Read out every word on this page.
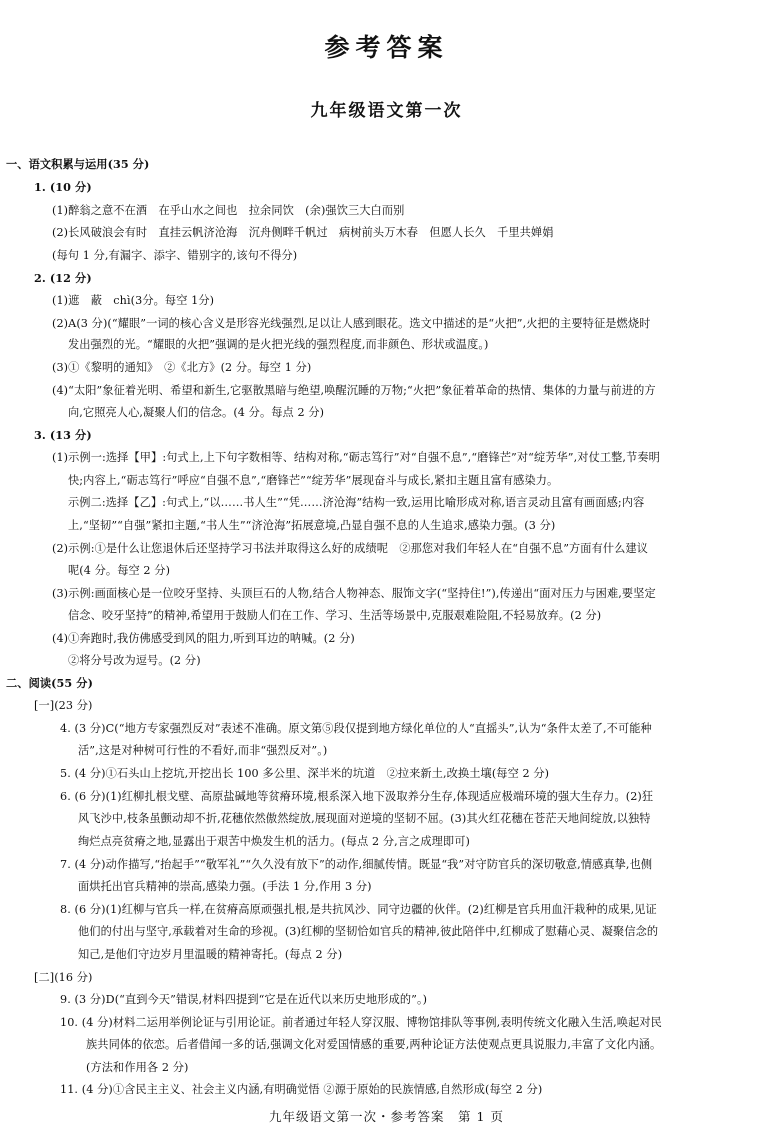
参考答案
九年级语文第一次
一、语文积累与运用(35 分)
1. (10 分)
(1)醉翁之意不在酒　在乎山水之间也　拉余同饮　(余)强饮三大白而别
(2)长风破浪会有时　直挂云帆济沧海　沉舟侧畔千帆过　病树前头万木春　但愿人长久　千里共婵娟
(每句 1 分,有漏字、添字、错别字的,该句不得分)
2. (12 分)
(1)遮　蔽　chì(3分。每空 1分)
(2)A(3 分)(“耀眼”一词的核心含义是形容光线强烈,足以让人感到眼花。选文中描述的是“火把”,火把的主要特征是燃烧时
发出强烈的光。“耀眼的火把”强调的是火把光线的强烈程度,而非颜色、形状或温度。)
(3)①《黎明的通知》　②《北方》(2 分。每空 1 分)
(4)“太阳”象征着光明、希望和新生,它驱散黑暗与绝望,唤醒沉睡的万物;“火把”象征着革命的热情、集体的力量与前进的方
向,它照亮人心,凝聚人们的信念。(4 分。每点 2 分)
3. (13 分)
(1)示例一:选择【甲】:句式上,上下句字数相等、结构对称,“砺志笃行”对“自强不息”,“磨锋芒”对“绽芳华”,对仗工整,节奏明
快;内容上,“砺志笃行”呼应“自强不息”,“磨锋芒”“绽芳华”展现奋斗与成长,紧扣主题且富有感染力。
示例二:选择【乙】:句式上,“以……书人生”“凭……济沧海”结构一致,运用比喻形成对称,语言灵动且富有画面感;内容
上,“坚韧”“自强”紧扣主题,“书人生”“济沧海”拓展意境,凸显自强不息的人生追求,感染力强。(3 分)
(2)示例:①是什么让您退休后还坚持学习书法并取得这么好的成绩呢　②那您对我们年轻人在“自强不息”方面有什么建议
呢(4 分。每空 2 分)
(3)示例:画面核心是一位咬牙坚持、头顶巨石的人物,结合人物神态、服饰文字(“坚持住!”),传递出“面对压力与困难,要坚定
信念、咬牙坚持”的精神,希望用于鼓励人们在工作、学习、生活等场景中,克服艰难险阻,不轻易放弃。(2 分)
(4)①奔跑时,我仿佛感受到风的阻力,听到耳边的呐喊。(2 分)
②将分号改为逗号。(2 分)
二、阅读(55 分)
[一](23 分)
4. (3 分)C(“地方专家强烈反对”表述不准确。原文第⑤段仅提到地方绿化单位的人“直摇头”,认为“条件太差了,不可能种
活”,这是对种树可行性的不看好,而非“强烈反对”。)
5. (4 分)①石头山上挖坑,开挖出长 100 多公里、深半米的坑道　②拉来新土,改换土壤(每空 2 分)
6. (6 分)(1)红柳扎根戈壁、高原盐碱地等贫瘠环境,根系深入地下汲取养分生存,体现适应极端环境的强大生存力。(2)狂
风飞沙中,枝条虽颤动却不折,花穗依然傲然绽放,展现面对逆境的坚韧不屈。(3)其火红花穗在苍茫天地间绽放,以独特
绚烂点亮贫瘠之地,显露出于艰苦中焕发生机的活力。(每点 2 分,言之成理即可)
7. (4 分)动作描写,“抬起手”“敬军礼”“久久没有放下”的动作,细腻传情。既显“我”对守防官兵的深切敬意,情感真挚,也侧
面烘托出官兵精神的崇高,感染力强。(手法 1 分,作用 3 分)
8. (6 分)(1)红柳与官兵一样,在贫瘠高原顽强扎根,是共抗风沙、同守边疆的伙伴。(2)红柳是官兵用血汗栽种的成果,见证
他们的付出与坚守,承载着对生命的珍视。(3)红柳的坚韧恰如官兵的精神,彼此陪伴中,红柳成了慰藉心灵、凝聚信念的
知己,是他们守边岁月里温暖的精神寄托。(每点 2 分)
[二](16 分)
9. (3 分)D(“直到今天”错误,材料四提到“它是在近代以来历史地形成的”。)
10. (4 分)材料二运用举例论证与引用论证。前者通过年轻人穿汉服、博物馆排队等事例,表明传统文化融入生活,唤起对民
族共同体的依恋。后者借闻一多的话,强调文化对爱国情感的重要,两种论证方法使观点更具说服力,丰富了文化内涵。
(方法和作用各 2 分)
11. (4 分)①含民主主义、社会主义内涵,有明确觉悟 ②源于原始的民族情感,自然形成(每空 2 分)
九年级语文第一次・参考答案　第 1 页
